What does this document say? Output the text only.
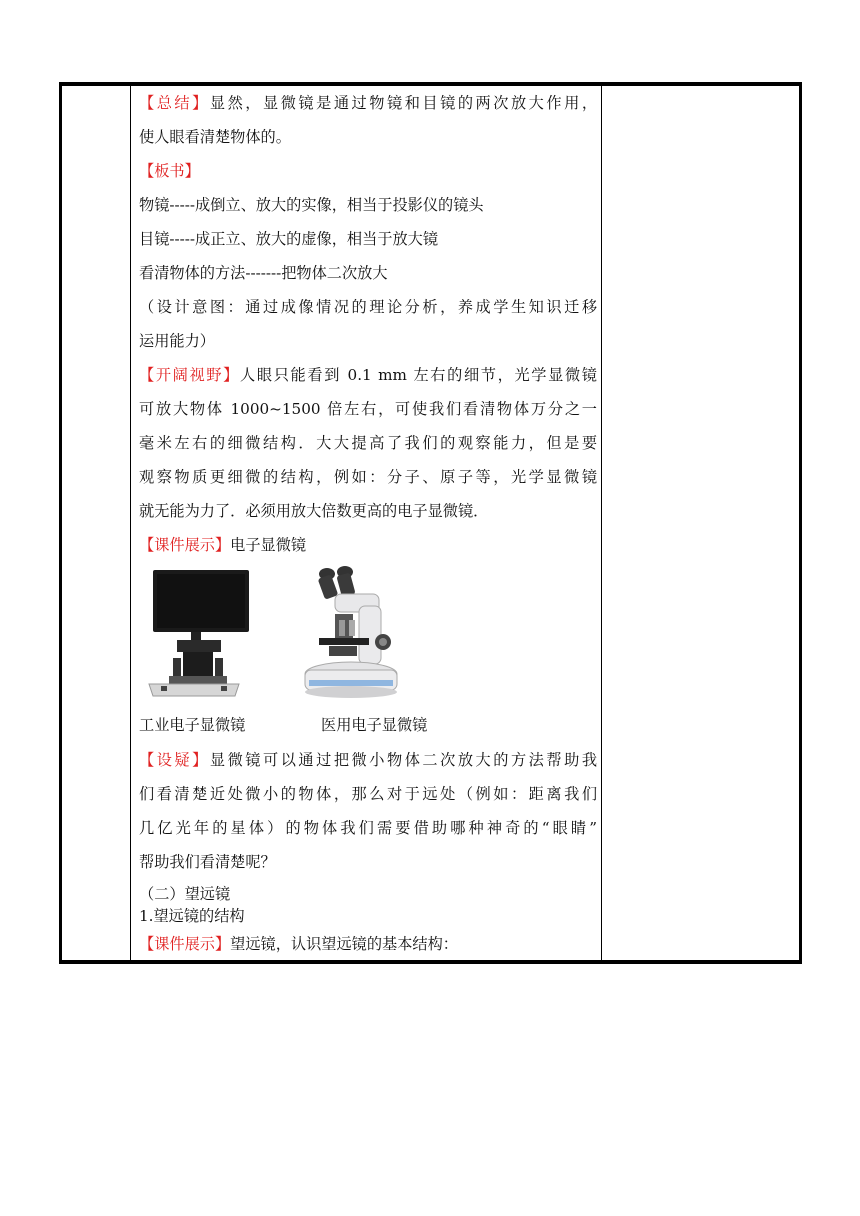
【总结】显然，显微镜是通过物镜和目镜的两次放大作用，
使人眼看清楚物体的。
【板书】
物镜-----成倒立、放大的实像，相当于投影仪的镜头
目镜-----成正立、放大的虚像，相当于放大镜
看清物体的方法-------把物体二次放大
（设计意图：通过成像情况的理论分析，养成学生知识迁移
运用能力）
【开阔视野】人眼只能看到 0.1 mm 左右的细节，光学显微镜
可放大物体 1000~1500 倍左右，可使我们看清物体万分之一
毫米左右的细微结构．大大提高了我们的观察能力，但是要
观察物质更细微的结构，例如：分子、原子等，光学显微镜
就无能为力了．必须用放大倍数更高的电子显微镜．
【课件展示】电子显微镜
工业电子显微镜	医用电子显微镜
【设疑】显微镜可以通过把微小物体二次放大的方法帮助我
们看清楚近处微小的物体，那么对于远处（例如：距离我们
几亿光年的星体）的物体我们需要借助哪种神奇的“眼睛”
帮助我们看清楚呢？
（二）望远镜
1.望远镜的结构
【课件展示】望远镜，认识望远镜的基本结构：
